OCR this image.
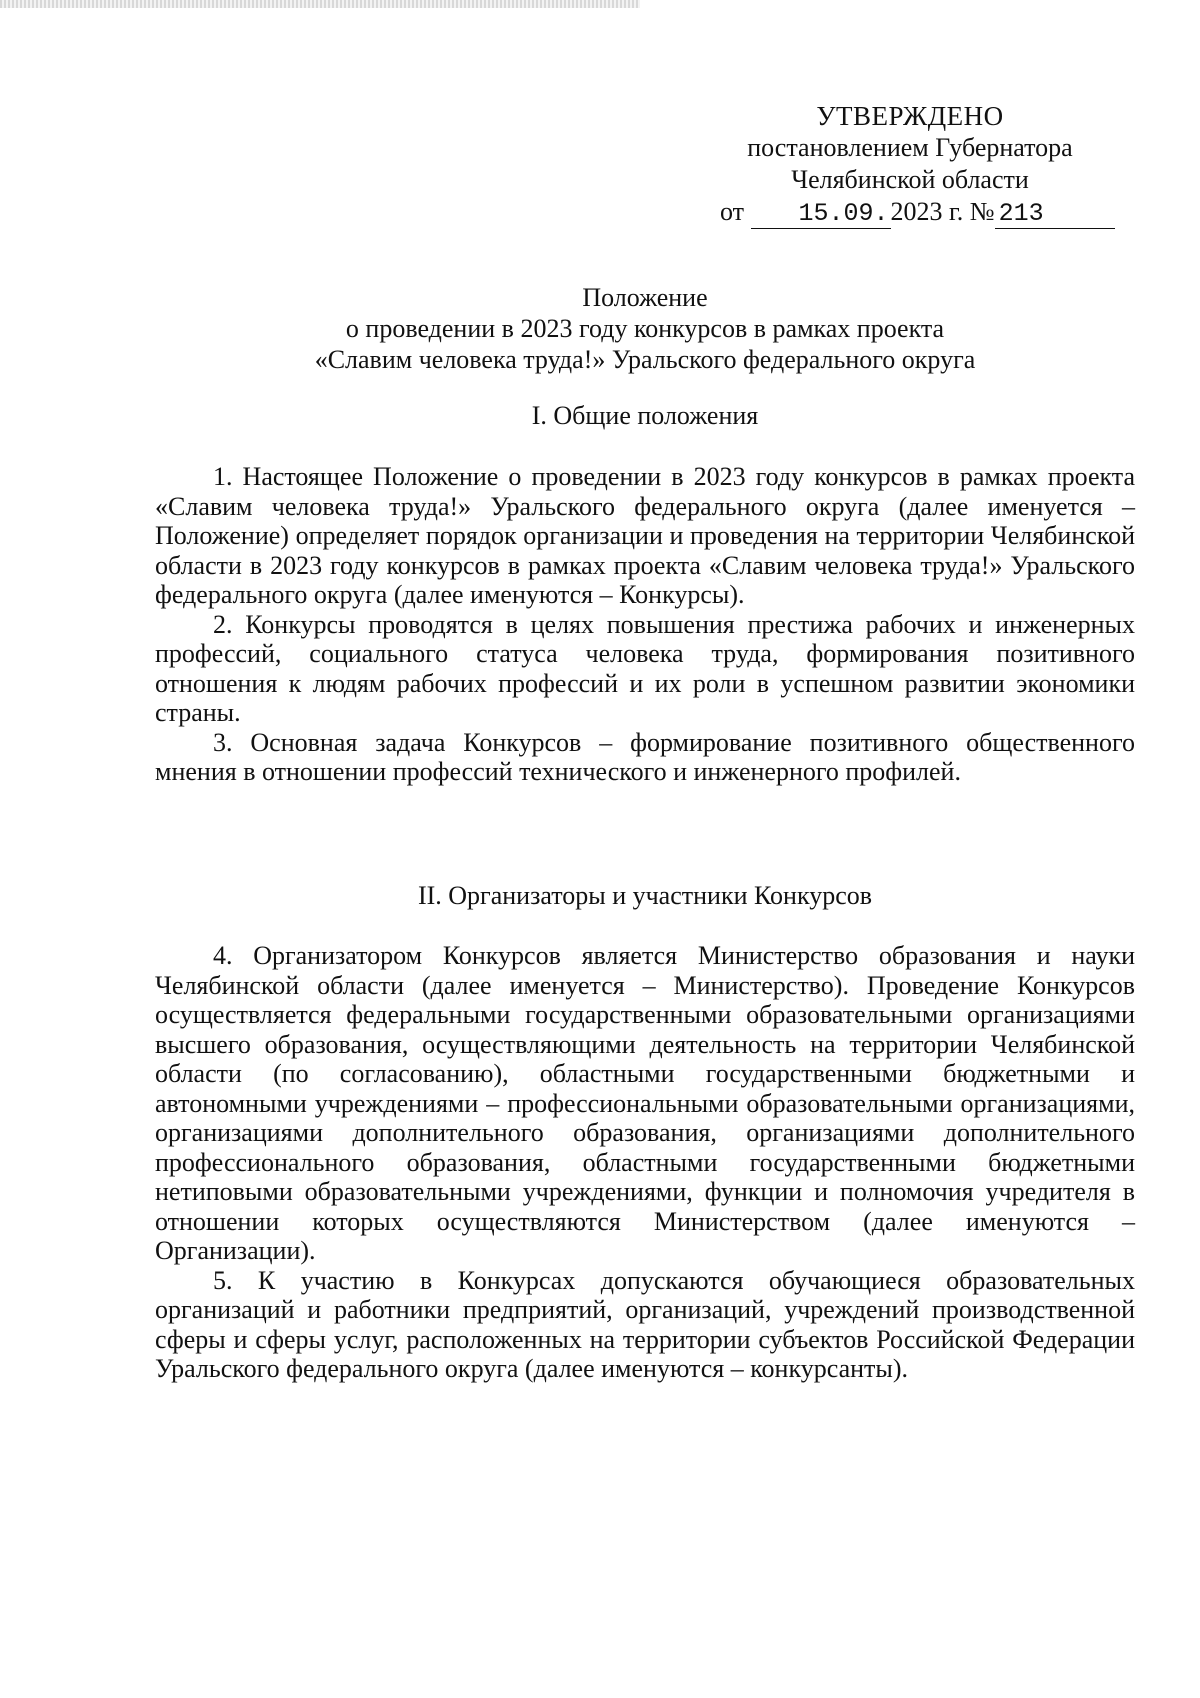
УТВЕРЖДЕНО
постановлением Губернатора
Челябинской области
от 15.09.2023 г. № 213
Положение
о проведении в 2023 году конкурсов в рамках проекта
«Славим человека труда!» Уральского федерального округа
I. Общие положения

1. Настоящее Положение о проведении в 2023 году конкурсов в рамках проекта «Славим человека труда!» Уральского федерального округа (далее именуется – Положение) определяет порядок организации и проведения на территории Челябинской области в 2023 году конкурсов в рамках проекта «Славим человека труда!» Уральского федерального округа (далее именуются – Конкурсы).

2. Конкурсы проводятся в целях повышения престижа рабочих и инженерных профессий, социального статуса человека труда, формирования позитивного отношения к людям рабочих профессий и их роли в успешном развитии экономики страны.

3. Основная задача Конкурсов – формирование позитивного общественного мнения в отношении профессий технического и инженерного профилей.

II. Организаторы и участники Конкурсов

4. Организатором Конкурсов является Министерство образования и науки Челябинской области (далее именуется – Министерство). Проведение Конкурсов осуществляется федеральными государственными образовательными организациями высшего образования, осуществляющими деятельность на территории Челябинской области (по согласованию), областными государственными бюджетными и автономными учреждениями – профессиональными образовательными организациями, организациями дополнительного образования, организациями дополнительного профессионального образования, областными государственными бюджетными нетиповыми образовательными учреждениями, функции и полномочия учредителя в отношении которых осуществляются Министерством (далее именуются – Организации).

5. К участию в Конкурсах допускаются обучающиеся образовательных организаций и работники предприятий, организаций, учреждений производственной сферы и сферы услуг, расположенных на территории субъектов Российской Федерации Уральского федерального округа (далее именуются – конкурсанты).
